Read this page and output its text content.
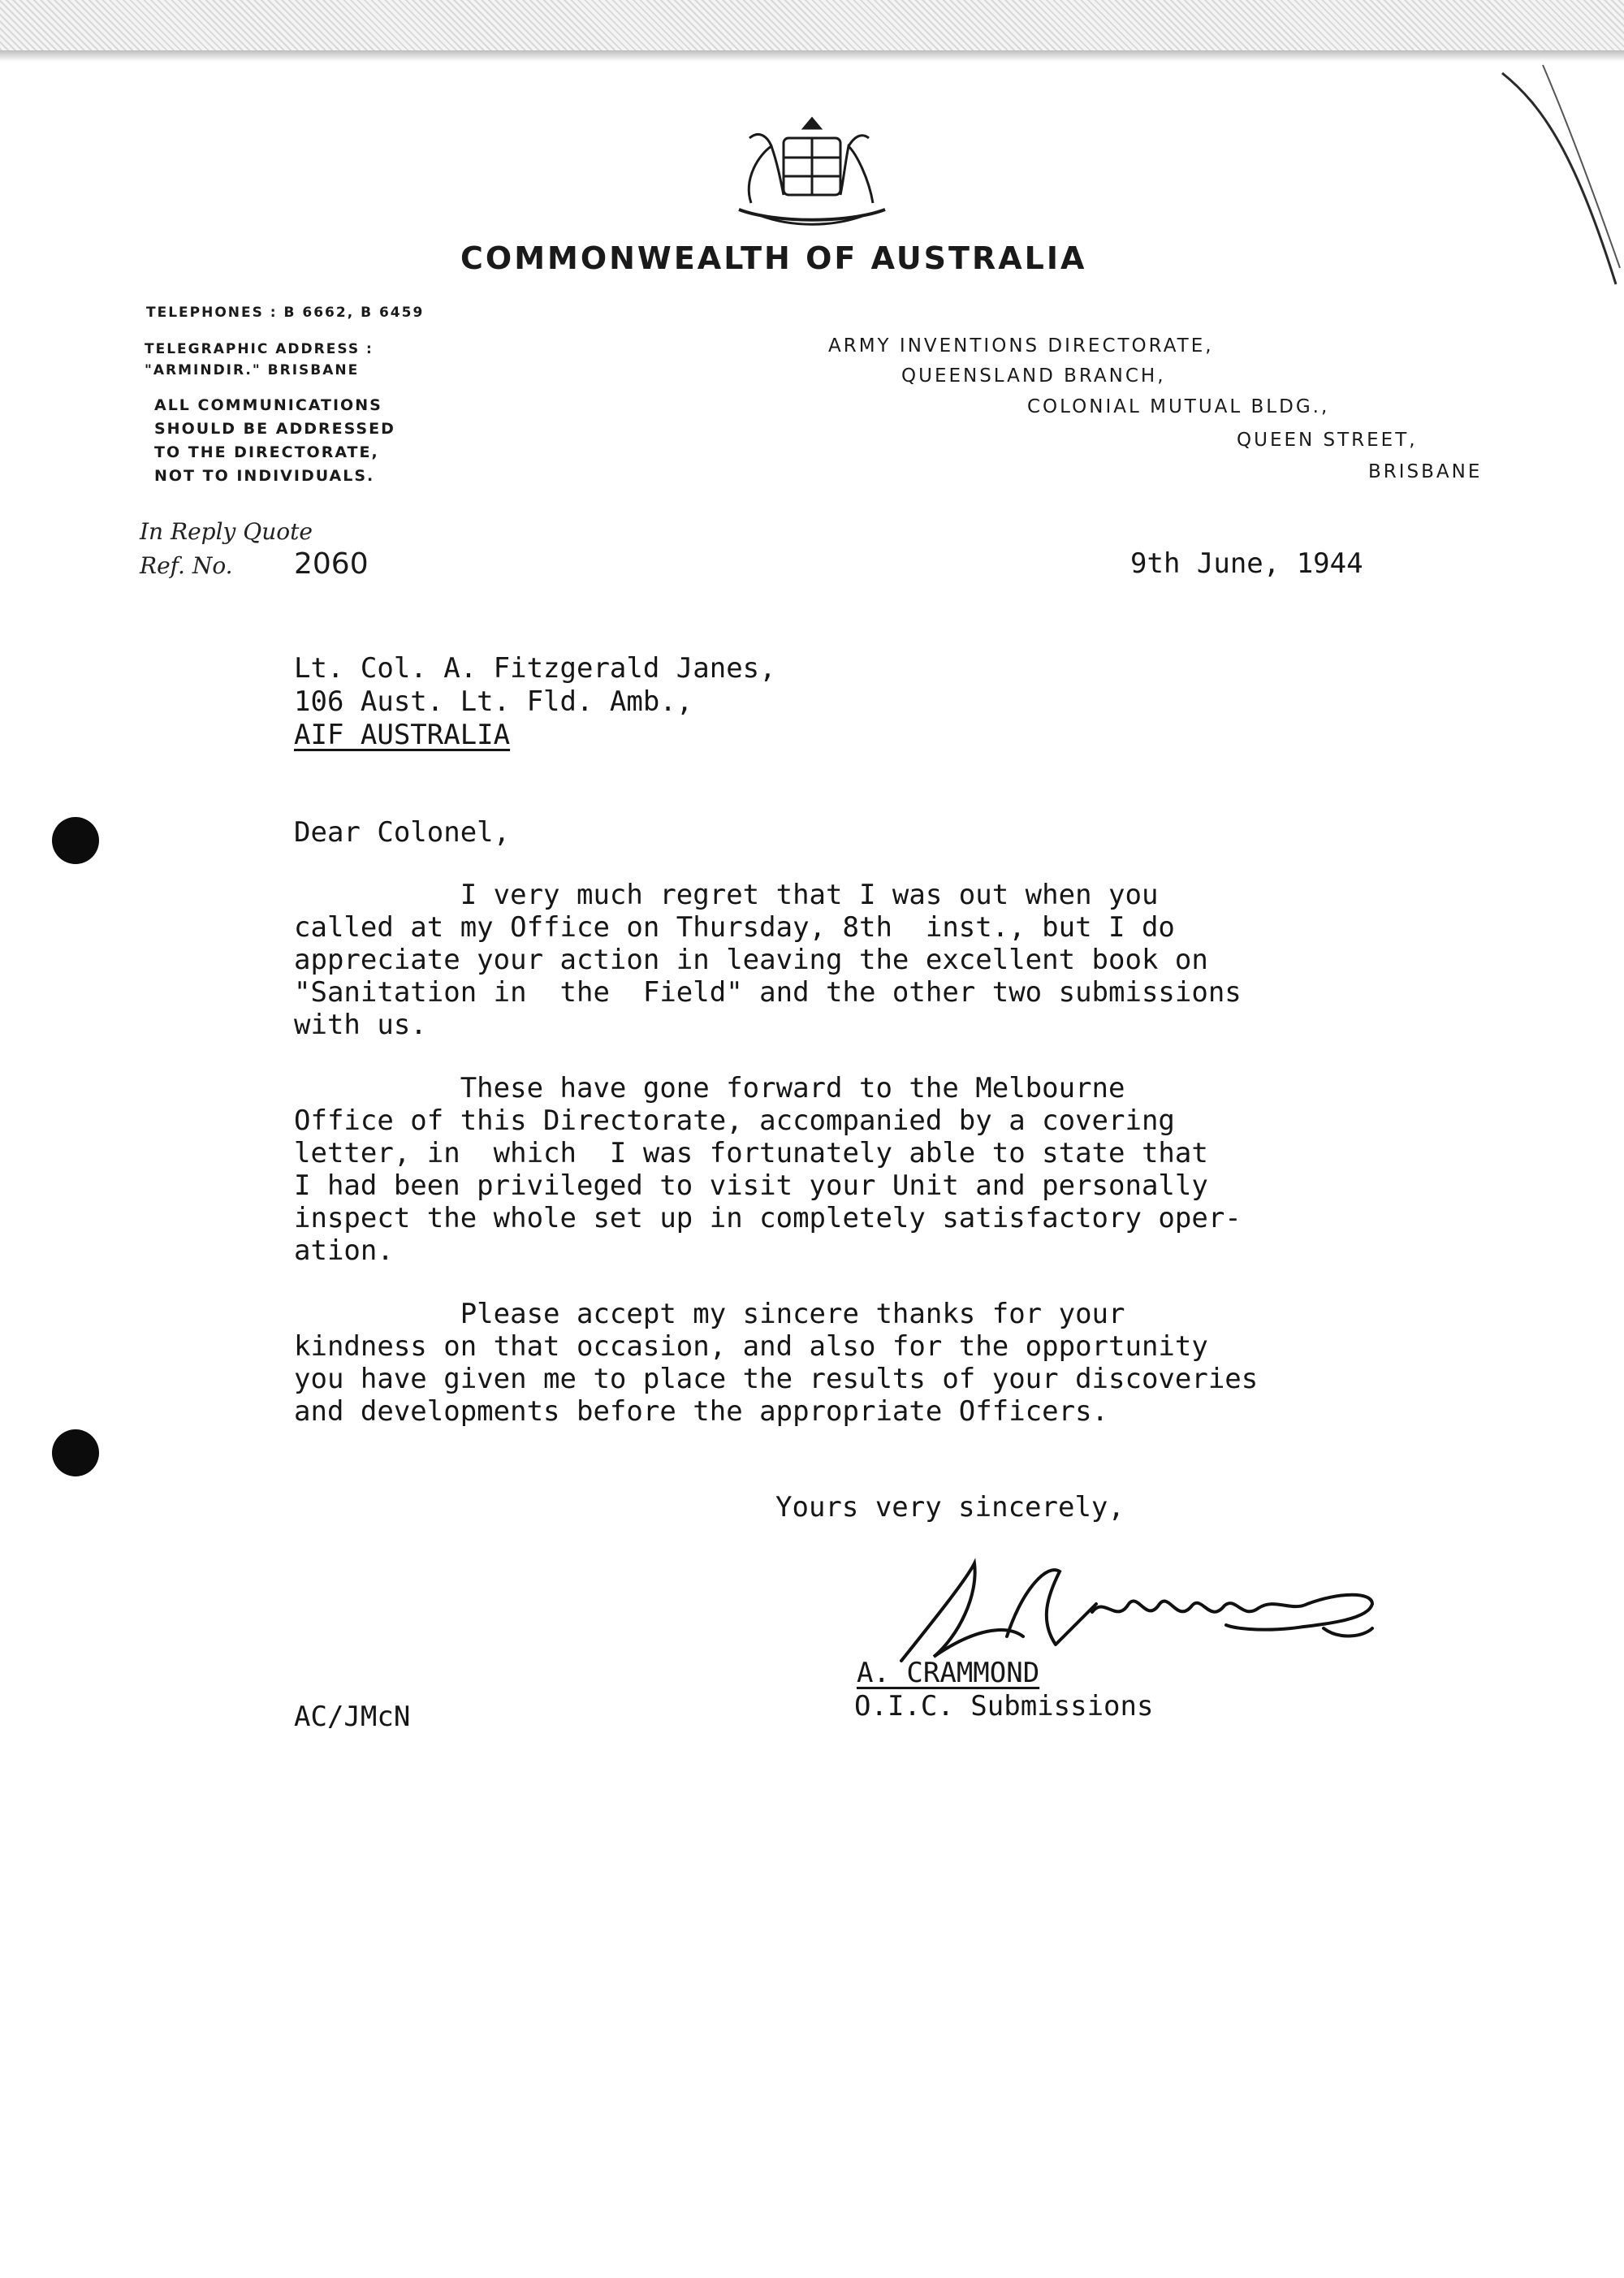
COMMONWEALTH OF AUSTRALIA
TELEPHONES : B 6662, B 6459
TELEGRAPHIC ADDRESS :
"ARMINDIR." BRISBANE
ALL COMMUNICATIONS
SHOULD BE ADDRESSED
TO THE DIRECTORATE,
NOT TO INDIVIDUALS.
ARMY INVENTIONS DIRECTORATE,
QUEENSLAND BRANCH,
COLONIAL MUTUAL BLDG.,
QUEEN STREET,
BRISBANE
In Reply Quote
Ref. No. 2060	9th June, 1944
Lt. Col. A. Fitzgerald Janes,
106 Aust. Lt. Fld. Amb.,
AIF AUSTRALIA
Dear Colonel,
I very much regret that I was out when you
called at my Office on Thursday, 8th  inst., but I do
appreciate your action in leaving the excellent book on
"Sanitation in  the  Field" and the other two submissions
with us.
These have gone forward to the Melbourne
Office of this Directorate, accompanied by a covering
letter, in  which  I was fortunately able to state that
I had been privileged to visit your Unit and personally
inspect the whole set up in completely satisfactory oper-
ation.
Please accept my sincere thanks for your
kindness on that occasion, and also for the opportunity
you have given me to place the results of your discoveries
and developments before the appropriate Officers.
Yours very sincerely,
A. CRAMMOND
O.I.C. Submissions
AC/JMcN
